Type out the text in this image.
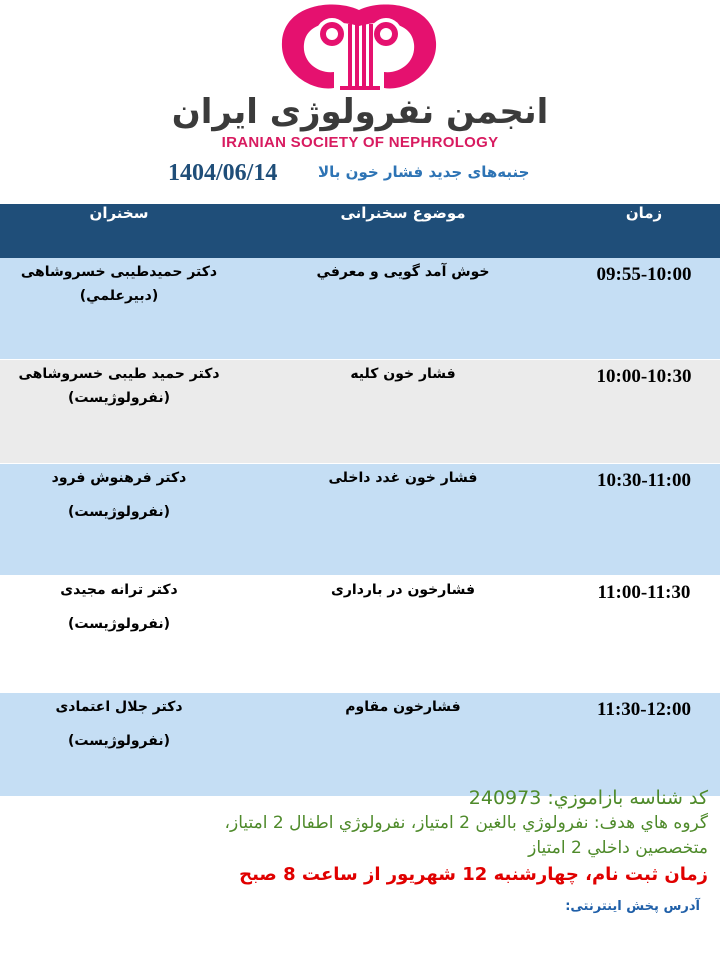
انجمن نفرولوژی ایران
IRANIAN SOCIETY OF NEPHROLOGY
1404/06/14	جنبه‌های جدید فشار خون بالا
سخنران	موضوع سخنرانی	زمان

دکتر حمیدطیبی خسروشاهی
(دبیرعلمي)	خوش آمد گويی و معرفي	09:55-10:00

دکتر حمید طیبی خسروشاهی
(نفرولوژیست)	فشار خون کلیه	10:00-10:30

دکتر فرهنوش فرود
(نفرولوژیست)	فشار خون غدد داخلی	10:30-11:00

دکتر ترانه مجیدی
(نفرولوژیست)	فشارخون در بارداری	11:00-11:30

دکتر جلال اعتمادی
(نفرولوژیست)	فشارخون مقاوم	11:30-12:00
کد شناسه بازاموزي: 240973
گروه هاي هدف: نفرولوژي بالغین 2 امتیاز، نفرولوژي اطفال 2 امتیاز،
متخصصین داخلي 2 امتیاز
زمان ثبت نام، چهارشنبه 12 شهریور از ساعت 8 صبح
آدرس پخش اینترنتی:
